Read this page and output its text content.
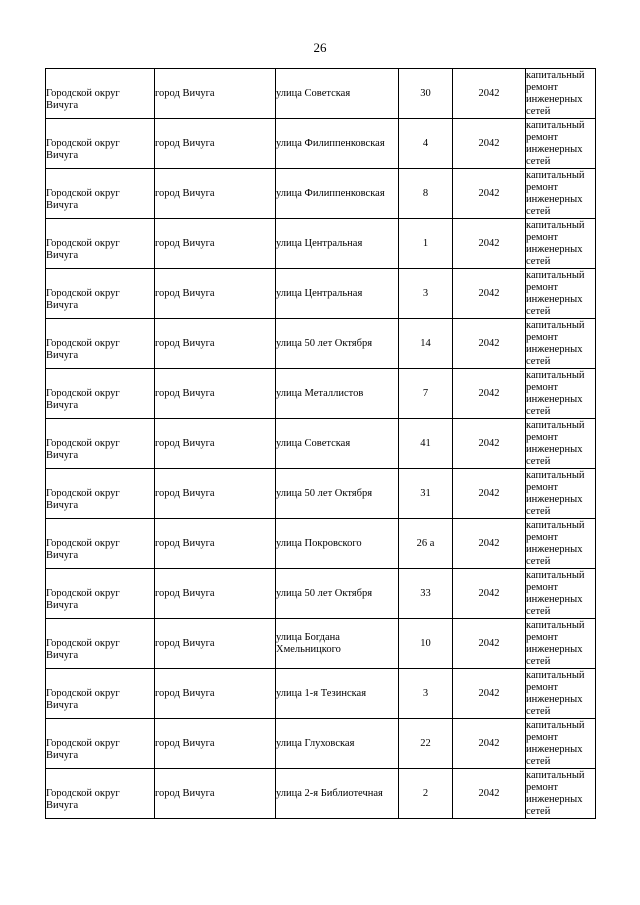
26
Городской округ Вичуга	город Вичуга	улица Советская	30	2042	капитальный ремонт инженерных сетей

Городской округ Вичуга	город Вичуга	улица Филиппенковская	4	2042	капитальный ремонт инженерных сетей

Городской округ Вичуга	город Вичуга	улица Филиппенковская	8	2042	капитальный ремонт инженерных сетей

Городской округ Вичуга	город Вичуга	улица Центральная	1	2042	капитальный ремонт инженерных сетей

Городской округ Вичуга	город Вичуга	улица Центральная	3	2042	капитальный ремонт инженерных сетей

Городской округ Вичуга	город Вичуга	улица 50 лет Октября	14	2042	капитальный ремонт инженерных сетей

Городской округ Вичуга	город Вичуга	улица Металлистов	7	2042	капитальный ремонт инженерных сетей

Городской округ Вичуга	город Вичуга	улица Советская	41	2042	капитальный ремонт инженерных сетей

Городской округ Вичуга	город Вичуга	улица 50 лет Октября	31	2042	капитальный ремонт инженерных сетей

Городской округ Вичуга	город Вичуга	улица Покровского	26 а	2042	капитальный ремонт инженерных сетей

Городской округ Вичуга	город Вичуга	улица 50 лет Октября	33	2042	капитальный ремонт инженерных сетей

Городской округ Вичуга	город Вичуга	улица Богдана Хмельницкого	10	2042	капитальный ремонт инженерных сетей

Городской округ Вичуга	город Вичуга	улица 1-я Тезинская	3	2042	капитальный ремонт инженерных сетей

Городской округ Вичуга	город Вичуга	улица Глуховская	22	2042	капитальный ремонт инженерных сетей

Городской округ Вичуга	город Вичуга	улица 2-я Библиотечная	2	2042	капитальный ремонт инженерных сетей
